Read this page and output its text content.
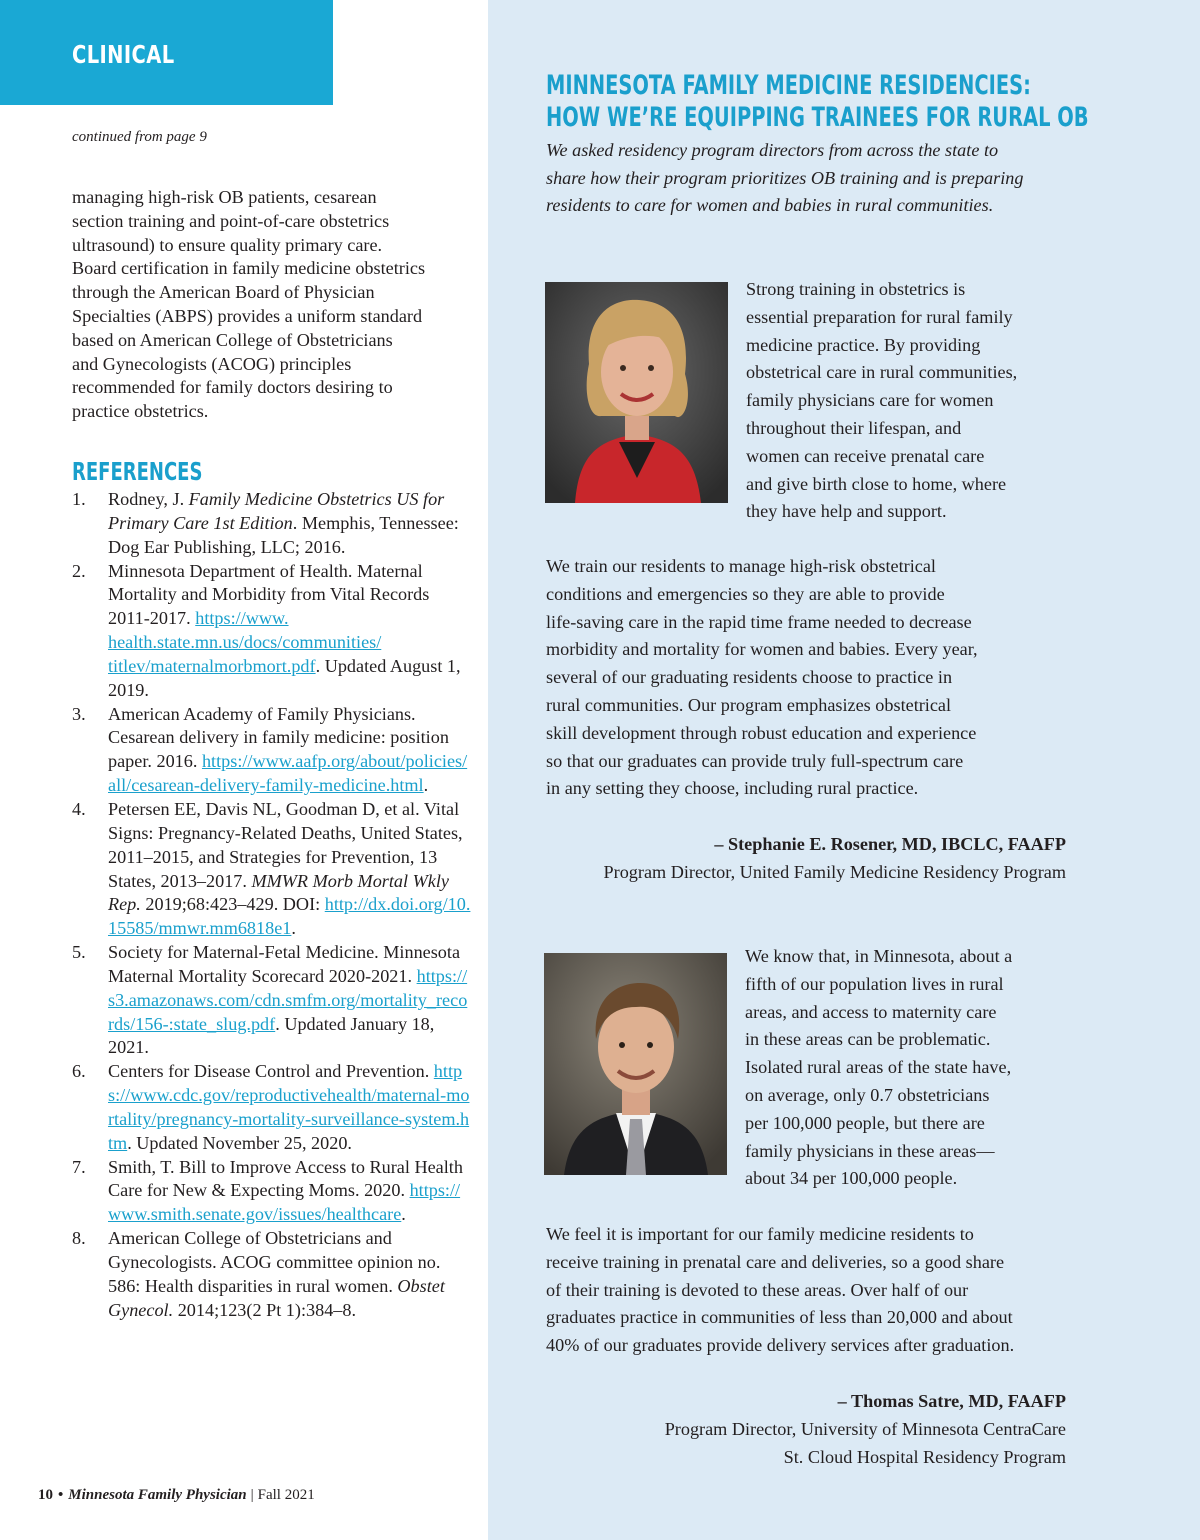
CLINICAL
continued from page 9
managing high-risk OB patients, cesarean
section training and point-of-care obstetrics
ultrasound) to ensure quality primary care.
Board certification in family medicine obstetrics
through the American Board of Physician
Specialties (ABPS) provides a uniform standard
based on American College of Obstetricians
and Gynecologists (ACOG) principles
recommended for family doctors desiring to
practice obstetrics.
REFERENCES
1. Rodney, J. Family Medicine Obstetrics US for Primary Care 1st Edition. Memphis, Tennessee: Dog Ear Publishing, LLC; 2016.
2. Minnesota Department of Health. Maternal Mortality and Morbidity from Vital Records 2011-2017. https://www.
health.state.mn.us/docs/communities/
titlev/maternalmorbmort.pdf. Updated August 1, 2019.
3. American Academy of Family Physicians. Cesarean delivery in family medicine: position paper. 2016. https://www.aafp.org/about/policies/all/cesarean-delivery-family-medicine.html.
4. Petersen EE, Davis NL, Goodman D, et al. Vital Signs: Pregnancy-Related Deaths, United States, 2011–2015, and Strategies for Prevention, 13 States, 2013–2017. MMWR Morb Mortal Wkly Rep. 2019;68:423–429. DOI: http://dx.doi.org/10.15585/mmwr.mm6818e1.
5. Society for Maternal-Fetal Medicine. Minnesota Maternal Mortality Scorecard 2020-2021. https://s3.amazonaws.com/cdn.smfm.org/mortality_records/156-:state_slug.pdf. Updated January 18, 2021.
6. Centers for Disease Control and Prevention. https://www.cdc.gov/reproductivehealth/maternal-mortality/pregnancy-mortality-surveillance-system.htm. Updated November 25, 2020.
7. Smith, T. Bill to Improve Access to Rural Health Care for New & Expecting Moms. 2020. https://www.smith.senate.gov/issues/healthcare.
8. American College of Obstetricians and Gynecologists. ACOG committee opinion no. 586: Health disparities in rural women. Obstet Gynecol. 2014;123(2 Pt 1):384–8.
10 • Minnesota Family Physician | Fall 2021
MINNESOTA FAMILY MEDICINE RESIDENCIES:
HOW WE’RE EQUIPPING TRAINEES FOR RURAL OB
We asked residency program directors from across the state to
share how their program prioritizes OB training and is preparing
residents to care for women and babies in rural communities.
Strong training in obstetrics is
essential preparation for rural family
medicine practice. By providing
obstetrical care in rural communities,
family physicians care for women
throughout their lifespan, and
women can receive prenatal care
and give birth close to home, where
they have help and support.
We train our residents to manage high-risk obstetrical
conditions and emergencies so they are able to provide
life-saving care in the rapid time frame needed to decrease
morbidity and mortality for women and babies. Every year,
several of our graduating residents choose to practice in
rural communities. Our program emphasizes obstetrical
skill development through robust education and experience
so that our graduates can provide truly full-spectrum care
in any setting they choose, including rural practice.
– Stephanie E. Rosener, MD, IBCLC, FAAFP
Program Director, United Family Medicine Residency Program
We know that, in Minnesota, about a
fifth of our population lives in rural
areas, and access to maternity care
in these areas can be problematic.
Isolated rural areas of the state have,
on average, only 0.7 obstetricians
per 100,000 people, but there are
family physicians in these areas—
about 34 per 100,000 people.
We feel it is important for our family medicine residents to
receive training in prenatal care and deliveries, so a good share
of their training is devoted to these areas. Over half of our
graduates practice in communities of less than 20,000 and about
40% of our graduates provide delivery services after graduation.
– Thomas Satre, MD, FAAFP
Program Director, University of Minnesota CentraCare
St. Cloud Hospital Residency Program
